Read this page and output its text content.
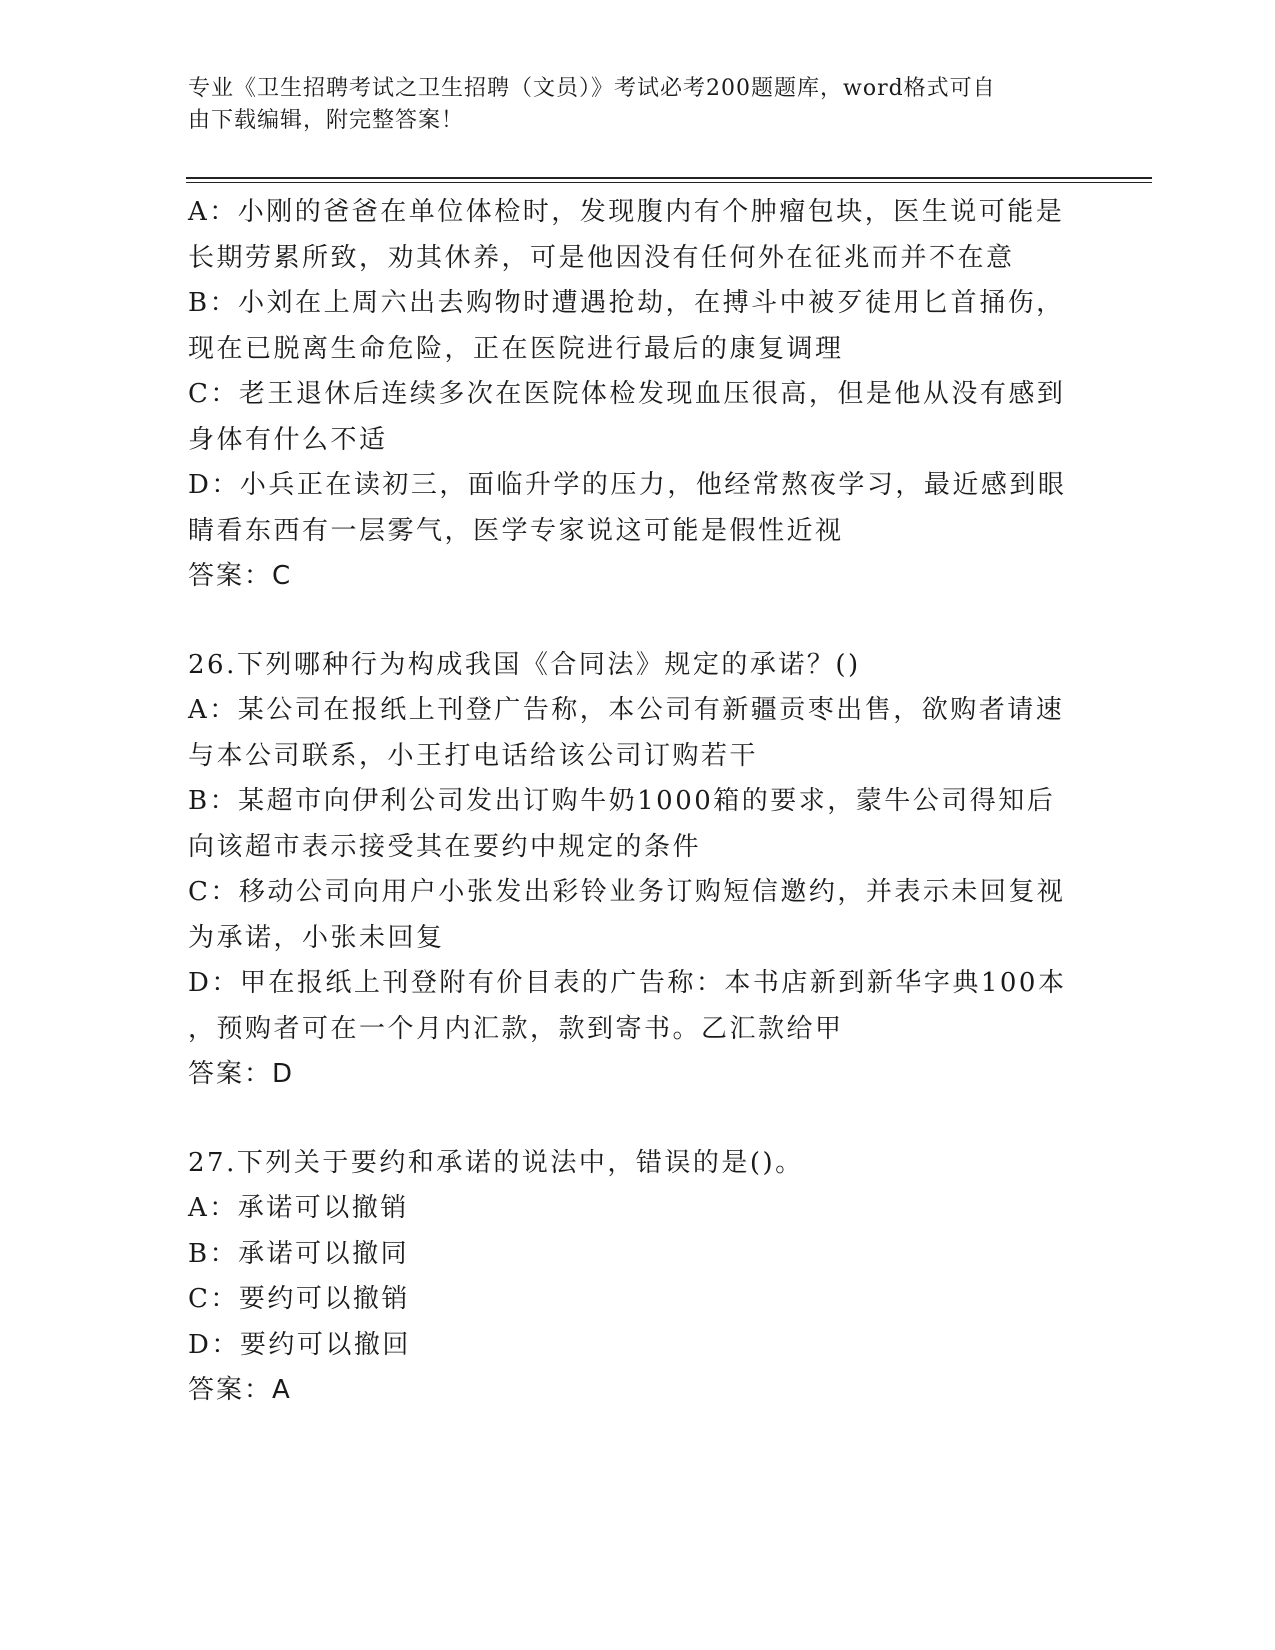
专业《卫生招聘考试之卫生招聘（文员）》考试必考200题题库，word格式可自
由下载编辑，附完整答案！
A：小刚的爸爸在单位体检时，发现腹内有个肿瘤包块，医生说可能是
长期劳累所致，劝其休养，可是他因没有任何外在征兆而并不在意
B：小刘在上周六出去购物时遭遇抢劫，在搏斗中被歹徒用匕首捅伤，
现在已脱离生命危险，正在医院进行最后的康复调理
C：老王退休后连续多次在医院体检发现血压很高，但是他从没有感到
身体有什么不适
D：小兵正在读初三，面临升学的压力，他经常熬夜学习，最近感到眼
睛看东西有一层雾气，医学专家说这可能是假性近视
答案：C
26.下列哪种行为构成我国《合同法》规定的承诺？()
A：某公司在报纸上刊登广告称，本公司有新疆贡枣出售，欲购者请速
与本公司联系，小王打电话给该公司订购若干
B：某超市向伊利公司发出订购牛奶1000箱的要求，蒙牛公司得知后
向该超市表示接受其在要约中规定的条件
C：移动公司向用户小张发出彩铃业务订购短信邀约，并表示未回复视
为承诺，小张未回复
D：甲在报纸上刊登附有价目表的广告称：本书店新到新华字典100本
，预购者可在一个月内汇款，款到寄书。乙汇款给甲
答案：D
27.下列关于要约和承诺的说法中，错误的是()。
A：承诺可以撤销
B：承诺可以撤同
C：要约可以撤销
D：要约可以撤回
答案：A
